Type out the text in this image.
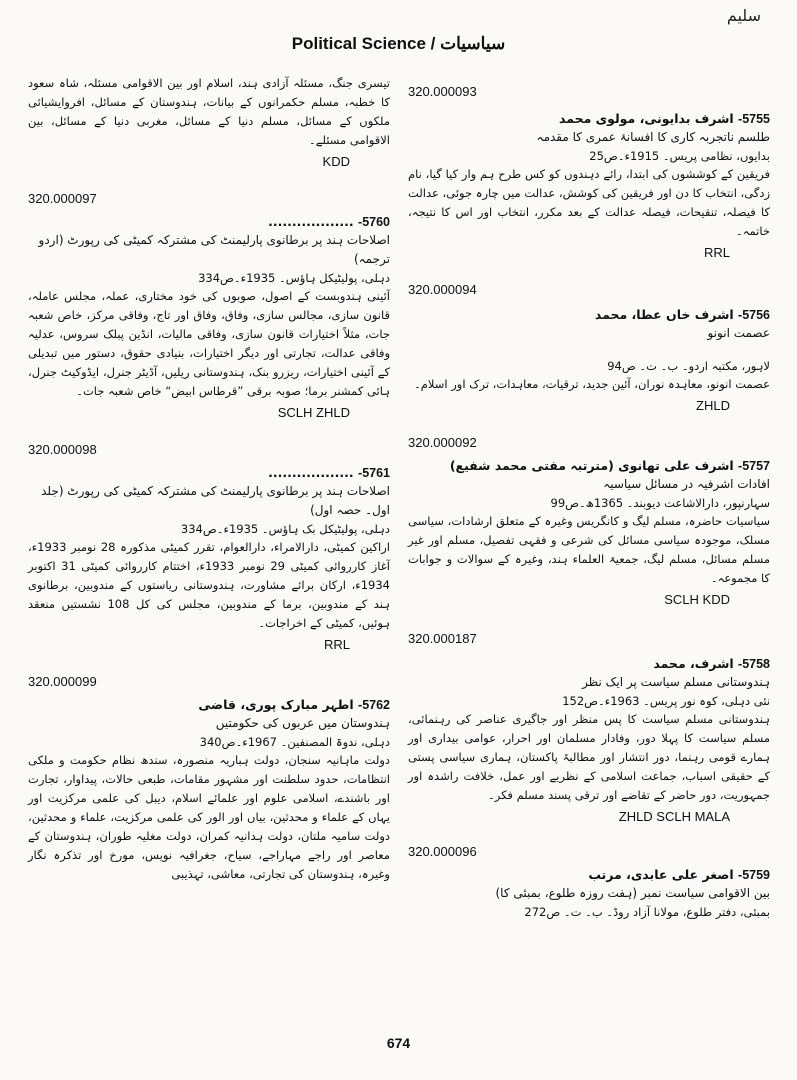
سلیم
Political Science / سیاسیات
320.000093
5755- اشرف بدایونی، مولوی محمد
طلسم ناتجربہ کاری کا افسانۂ عمری کا مقدمہ
بدایوں، نظامی پریس۔ 1915ء۔ص25
فریقین کے کوششوں کی ابتدا، رائے دہندوں کو کس طرح ہم وار کیا گیا، نام زدگی، انتخاب کا دن اور فریقین کی کوشش، عدالت میں چارہ جوئی، عدالت کا فیصلہ، تنقیحات، فیصلہ عدالت کے بعد مکرر، انتخاب اور اس کا نتیجہ، خاتمہ۔
RRL
320.000094
5756- اشرف خاں عطا، محمد
عصمت انونو
لاہور، مکتبہ اردو۔ ب۔ ت۔ ص94
عصمت انونو، معاہدہ نوران، آئین جدید، ترقیات، معاہدات، ترک اور اسلام۔
ZHLD
320.000092
5757- اشرف علی تھانوی (مترتبہ مفتی محمد شفیع)
افادات اشرفیہ در مسائل سیاسیہ
سہارنپور، دارالاشاعت دیوبند۔ 1365ھ۔ص99
سیاسیات حاضرہ، مسلم لیگ و کانگریس وغیرہ کے متعلق ارشادات، سیاسی مسلک، موجودہ سیاسی مسائل کی شرعی و فقہی تفصیل، مسلم اور غیر مسلم مسائل، مسلم لیگ، جمعیۃ العلماء ہند، وغیرہ کے سوالات و جوابات کا مجموعہ۔
SCLH KDD
320.000187
5758- اشرف، محمد
ہندوستانی مسلم سیاست پر ایک نظر
نئی دہلی، کوہ نور پریس۔ 1963ء۔ص152
ہندوستانی مسلم سیاست کا پس منظر اور جاگیری عناصر کی رہنمائی، مسلم سیاست کا پہلا دور، وفادار مسلمان اور احرار، عوامی بیداری اور ہمارے قومی رہنما، دور انتشار اور مطالبۂ پاکستان، ہماری سیاسی پستی کے حقیقی اسباب، جماعت اسلامی کے نظریے اور عمل، خلافت راشدہ اور جمہوریت، دور حاضر کے تقاضے اور ترقی پسند مسلم فکر۔
ZHLD SCLH MALA
320.000096
5759- اصغر علی عابدی، مرتب
بین الاقوامی سیاست نمبر (ہفت روزہ طلوع، بمبئی کا)
بمبئی، دفتر طلوع، مولانا آزاد روڈ۔ ب۔ ت۔ ص272
تیسری جنگ، مسئلہ آزادی ہند، اسلام اور بین الاقوامی مسئلہ، شاہ سعود کا خطبہ، مسلم حکمرانوں کے بیانات، ہندوستان کے مسائل، افروایشیائی ملکوں کے مسائل، مسلم دنیا کے مسائل، مغربی دنیا کے مسائل، بین الاقوامی مسئلے۔
KDD
320.000097
5760- ..................
اصلاحات ہند پر برطانوی پارلیمنٹ کی مشترکہ کمیٹی کی رپورٹ (اردو ترجمہ)
دہلی، پولیٹیکل ہاؤس۔ 1935ء۔ص334
آئینی ہندوبست کے اصول، صوبوں کی خود مختاری، عملہ، مجلس عاملہ، قانون سازی، مجالس سازی، وفاق، وفاق اور تاج، وفاقی مرکز، خاص شعبہ جات، مثلاً اختیارات قانون سازی، وفاقی مالیات، انڈین پبلک سروس، عدلیہ وفاقی عدالت، تجارتی اور دیگر اختیارات، بنیادی حقوق، دستور میں تبدیلی کے آئینی اختیارات، ریزرو بنک، ہندوستانی ریلیں، آڈیٹر جنرل، ایڈوکیٹ جنرل، ہائی کمشنر برما؛ صوبہ برقی ”قرطاس ابیض“ خاص شعبہ جات۔
SCLH ZHLD
320.000098
5761- ..................
اصلاحات ہند پر برطانوی پارلیمنٹ کی مشترکہ کمیٹی کی رپورٹ (جلد اول۔ حصہ اول)
دہلی، پولیٹیکل بک ہاؤس۔ 1935ء۔ص334
اراکین کمیٹی، دارالامراء، دارالعوام، تقرر کمیٹی مذکورہ 28 نومبر 1933ء، آغاز کارروائی کمیٹی 29 نومبر 1933ء، اختتام کارروائی کمیٹی 31 اکتوبر 1934ء، ارکان برائے مشاورت، ہندوستانی ریاستوں کے مندوبین، برطانوی ہند کے مندوبین، برما کے مندوبین، مجلس کی کل 108 نشستیں منعقد ہوئیں، کمیٹی کے اخراجات۔
RRL
320.000099
5762- اطہر مبارک پوری، قاضی
ہندوستان میں عربوں کی حکومتیں
دہلی، ندوۃ المصنفین۔ 1967ء۔ص340
دولت ماہانیہ سنجان، دولت ہباریہ منصورہ، سندھ نظام حکومت و ملکی انتظامات، حدود سلطنت اور مشہور مقامات، طبعی حالات، پیداوار، تجارت اور باشندے، اسلامی علوم اور علمائے اسلام، دیبل کی علمی مرکزیت اور یہاں کے علماء و محدثین، بیاں اور الور کی علمی مرکزیت، علماء و محدثین، دولت سامیہ ملتان، دولت ہدانیہ کمران، دولت مغلیہ طوران، ہندوستان کے معاصر اور راجے مہاراجے، سیاح، جغرافیہ نویس، مورخ اور تذکرہ نگار وغیرہ، ہندوستان کی تجارتی، معاشی، تہذیبی
674
